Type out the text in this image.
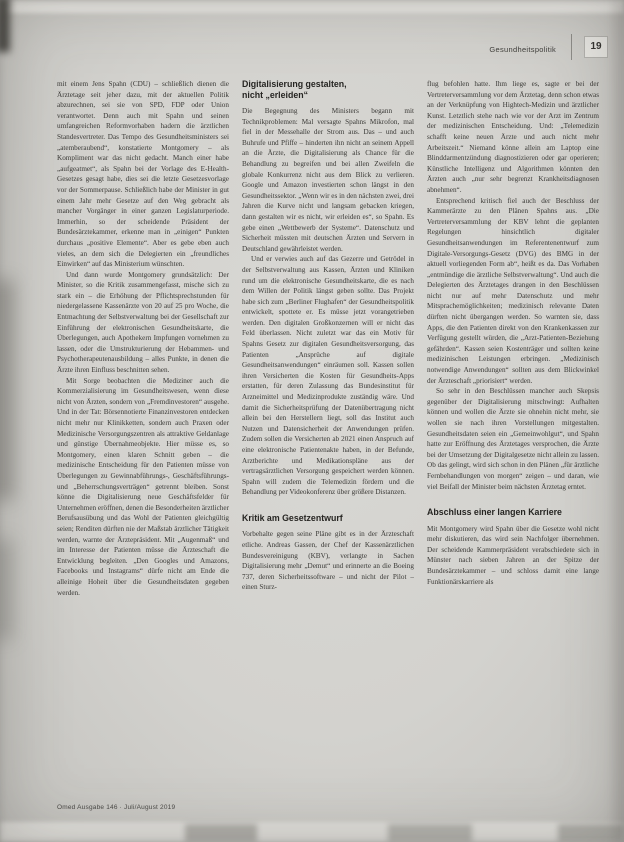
Gesundheitspolitik	19

mit einem Jens Spahn (CDU) – schließlich dienen die Ärztetage seit jeher dazu, mit der aktuellen Politik abzurechnen, sei sie von SPD, FDP oder Union verantwortet. Denn auch mit Spahn und seinen umfangreichen Reformvorhaben hadern die ärztlichen Standesvertreter. Das Tempo des Gesundheitsministers sei „atemberaubend“, konstatierte Montgomery – als Kompliment war das nicht gedacht. Manch einer habe „aufgeatmet“, als Spahn bei der Vorlage des E-Health-Gesetzes gesagt habe, dies sei die letzte Gesetzesvorlage vor der Sommerpause. Schließlich habe der Minister in gut einem Jahr mehr Gesetze auf den Weg gebracht als mancher Vorgänger in einer ganzen Legislaturperiode. Immerhin, so der scheidende Präsident der Bundesärztekammer, erkenne man in „einigen“ Punkten durchaus „positive Elemente“. Aber es gebe eben auch vieles, an dem sich die Delegierten ein „freundliches Einwirken“ auf das Ministerium wünschten.

Und dann wurde Montgomery grundsätzlich: Der Minister, so die Kritik zusammengefasst, mische sich zu stark ein – die Erhöhung der Pflichtsprechstunden für niedergelassene Kassenärzte von 20 auf 25 pro Woche, die Entmachtung der Selbstverwaltung bei der Gesellschaft zur Einführung der elektronischen Gesundheitskarte, die Überlegungen, auch Apothekern Impfungen vornehmen zu lassen, oder die Umstrukturierung der Hebammen- und Psychotherapeutenausbildung – alles Punkte, in denen die Ärzte ihren Einfluss beschnitten sehen.

Mit Sorge beobachten die Mediziner auch die Kommerzialisierung im Gesundheitswesen, wenn diese nicht von Ärzten, sondern von „Fremdinvestoren“ ausgehe. Und in der Tat: Börsennotierte Finanzinvestoren entdecken nicht mehr nur Klinikketten, sondern auch Praxen oder Medizinische Versorgungszentren als attraktive Geldanlage und günstige Übernahmeobjekte. Hier müsse es, so Montgomery, einen klaren Schnitt geben – die medizinische Entscheidung für den Patienten müsse von Überlegungen zu Gewinnabführungs-, Geschäftsführungs- und „Beherrschungsverträgen“ getrennt bleiben. Sonst könne die Digitalisierung neue Geschäftsfelder für Unternehmen eröffnen, denen die Besonderheiten ärztlicher Berufsausübung und das Wohl der Patienten gleichgültig seien; Renditen dürften nie der Maßstab ärztlicher Tätigkeit werden, warnte der Ärztepräsident. Mit „Augenmaß“ und im Interesse der Patienten müsse die Ärzteschaft die Entwicklung begleiten. „Den Googles und Amazons, Facebooks und Instagrams“ dürfe nicht am Ende die alleinige Hoheit über die Gesundheitsdaten gegeben werden.

Digitalisierung gestalten,
nicht „erleiden“

Die Begegnung des Ministers begann mit Technikproblemen: Mal versagte Spahns Mikrofon, mal fiel in der Messehalle der Strom aus. Das – und auch Buhrufe und Pfiffe – hinderten ihn nicht an seinem Appell an die Ärzte, die Digitalisierung als Chance für die Behandlung zu begreifen und bei allen Zweifeln die globale Konkurrenz nicht aus dem Blick zu verlieren. Google und Amazon investierten schon längst in den Gesundheitssektor. „Wenn wir es in den nächsten zwei, drei Jahren die Kurve nicht und langsam gebacken kriegen, dann gestalten wir es nicht, wir erleiden es“, so Spahn. Es gebe einen „Wettbewerb der Systeme“. Datenschutz und Sicherheit müssten mit deutschen Ärzten und Servern in Deutschland gewährleistet werden.

Und er verwies auch auf das Gezerre und Getrödel in der Selbstverwaltung aus Kassen, Ärzten und Kliniken rund um die elektronische Gesundheitskarte, die es nach dem Willen der Politik längst geben sollte. Das Projekt habe sich zum „Berliner Flughafen“ der Gesundheitspolitik entwickelt, spottete er. Es müsse jetzt vorangetrieben werden. Den digitalen Großkonzernen will er nicht das Feld überlassen. Nicht zuletzt war das ein Motiv für Spahns Gesetz zur digitalen Gesundheitsversorgung, das Patienten „Ansprüche auf digitale Gesundheitsanwendungen“ einräumen soll. Kassen sollen ihren Versicherten die Kosten für Gesundheits-Apps erstatten, für deren Zulassung das Bundesinstitut für Arzneimittel und Medizinprodukte zuständig wäre. Und damit die Sicherheitsprüfung der Datenübertragung nicht allein bei den Herstellern liegt, soll das Institut auch Nutzen und Datensicherheit der Anwendungen prüfen. Zudem sollen die Versicherten ab 2021 einen Anspruch auf eine elektronische Patientenakte haben, in der Befunde, Arztberichte und Medikationspläne aus der vertragsärztlichen Versorgung gespeichert werden können. Spahn will zudem die Telemedizin fördern und die Behandlung per Videokonferenz über größere Distanzen.

Kritik am Gesetzentwurf

Vorbehalte gegen seine Pläne gibt es in der Ärzteschaft etliche. Andreas Gassen, der Chef der Kassenärztlichen Bundesvereinigung (KBV), verlangte in Sachen Digitalisierung mehr „Demut“ und erinnerte an die Boeing 737, deren Sicherheitssoftware – und nicht der Pilot – einen Sturz-

flug befohlen hatte. Ihm liege es, sagte er bei der Vertreterversammlung vor dem Ärztetag, denn schon etwas an der Verknüpfung von Hightech-Medizin und ärztlicher Kunst. Letztlich stehe nach wie vor der Arzt im Zentrum der medizinischen Entscheidung. Und: „Telemedizin schafft keine neuen Ärzte und auch nicht mehr Arbeitszeit.“ Niemand könne allein am Laptop eine Blinddarmentzündung diagnostizieren oder gar operieren; Künstliche Intelligenz und Algorithmen könnten den Ärzten auch „nur sehr begrenzt Krankheitsdiagnosen abnehmen“.

Entsprechend kritisch fiel auch der Beschluss der Kammerärzte zu den Plänen Spahns aus. „Die Vertreterversammlung der KBV lehnt die geplanten Regelungen hinsichtlich digitaler Gesundheitsanwendungen im Referentenentwurf zum Digitale-Versorgungs-Gesetz (DVG) des BMG in der aktuell vorliegenden Form ab“, heißt es da. Das Vorhaben „entmündige die ärztliche Selbstverwaltung“. Und auch die Delegierten des Ärztetages drangen in den Beschlüssen nicht nur auf mehr Datenschutz und mehr Mitsprachemöglichkeiten; medizinisch relevante Daten dürften nicht übergangen werden. So warnten sie, dass Apps, die den Patienten direkt von den Krankenkassen zur Verfügung gestellt würden, die „Arzt-Patienten-Beziehung gefährden“. Kassen seien Kostenträger und sollten keine medizinischen Leistungen erbringen. „Medizinisch notwendige Anwendungen“ sollten aus dem Blickwinkel der Ärzteschaft „priorisiert“ werden.

So sehr in den Beschlüssen mancher auch Skepsis gegenüber der Digitalisierung mitschwingt: Aufhalten können und wollen die Ärzte sie ohnehin nicht mehr, sie wollen sie nach ihren Vorstellungen mitgestalten. Gesundheitsdaten seien ein „Gemeinwohlgut“, und Spahn hatte zur Eröffnung des Ärztetages versprochen, die Ärzte bei der Umsetzung der Digitalgesetze nicht allein zu lassen. Ob das gelingt, wird sich schon in den Plänen „für ärztliche Fernbehandlungen von morgen“ zeigen – und daran, wie viel Beifall der Minister beim nächsten Ärztetag erntet.

Abschluss einer langen Karriere

Mit Montgomery wird Spahn über die Gesetze wohl nicht mehr diskutieren, das wird sein Nachfolger übernehmen. Der scheidende Kammerpräsident verabschiedete sich in Münster nach sieben Jahren an der Spitze der Bundesärztekammer – und schloss damit eine lange Funktionärskarriere als

Omed Ausgabe 146 · Juli/August 2019
